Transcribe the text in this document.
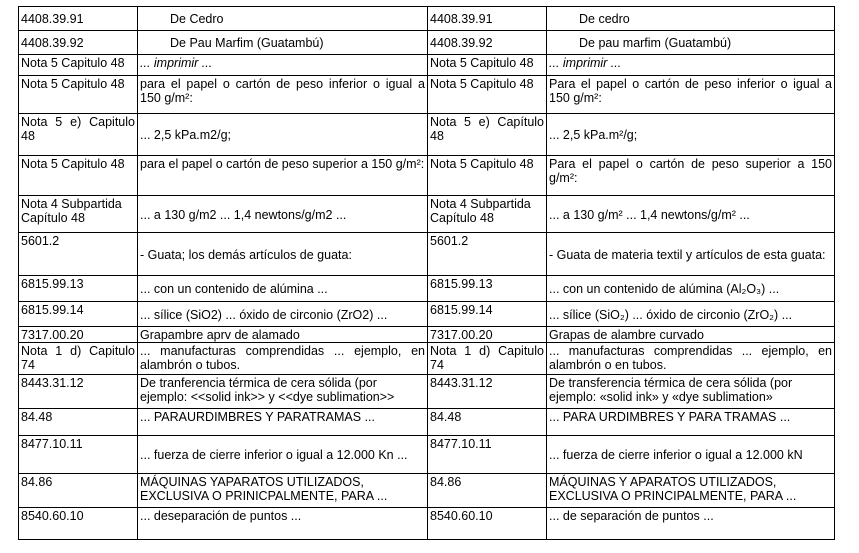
4408.39.91	De Cedro	4408.39.91	De cedro
4408.39.92	De Pau Marfim (Guatambú)	4408.39.92	De pau marfim (Guatambú)
Nota 5 Capitulo 48	... imprimir ...	Nota 5 Capitulo 48	... imprimir ...
Nota 5 Capitulo 48	para el papel o cartón de peso inferior o igual a 150 g/m²:	Nota 5 Capitulo 48	Para el papel o cartón de peso inferior o igual a 150 g/m²:
Nota 5 e) Capitulo 48	... 2,5 kPa.m2/g;	Nota 5 e) Capítulo 48	... 2,5 kPa.m²/g;
Nota 5 Capitulo 48	para el papel o cartón de peso superior a 150 g/m²:	Nota 5 Capitulo 48	Para el papel o cartón de peso superior a 150 g/m²:
Nota 4 Subpartida Capítulo 48	... a 130 g/m2 ... 1,4 newtons/g/m2 ...	Nota 4 Subpartida Capítulo 48	... a 130 g/m² ... 1,4 newtons/g/m² ...
5601.2	- Guata; los demás artículos de guata:	5601.2	- Guata de materia textil y artículos de esta guata:
6815.99.13	... con un contenido de alúmina ...	6815.99.13	... con un contenido de alúmina (Al₂O₃) ...
6815.99.14	... sílice (SiO2) ... óxido de circonio (ZrO2) ...	6815.99.14	... sílice (SiO₂) ... óxido de circonio (ZrO₂) ...
7317.00.20	Grapambre aprv de alamado	7317.00.20	Grapas de alambre curvado
Nota 1 d) Capitulo 74	... manufacturas comprendidas ... ejemplo, en alambrón o tubos.	Nota 1 d) Capitulo 74	... manufacturas comprendidas ... ejemplo, en alambrón o en tubos.
8443.31.12	De tranferencia térmica de cera sólida (por ejemplo: <<solid ink>> y <<dye sublimation>>	8443.31.12	De transferencia térmica de cera sólida (por ejemplo: «solid ink» y «dye sublimation»
84.48	... PARAURDIMBRES Y PARATRAMAS ...	84.48	... PARA URDIMBRES Y PARA TRAMAS ...
8477.10.11	... fuerza de cierre inferior o igual a 12.000 Kn ...	8477.10.11	... fuerza de cierre inferior o igual a 12.000 kN
84.86	MÁQUINAS YAPARATOS UTILIZADOS, EXCLUSIVA O PRINICPALMENTE, PARA ...	84.86	MÁQUINAS Y APARATOS UTILIZADOS, EXCLUSIVA O PRINCIPALMENTE, PARA ...
8540.60.10	... deseparación de puntos ...	8540.60.10	... de separación de puntos ...
